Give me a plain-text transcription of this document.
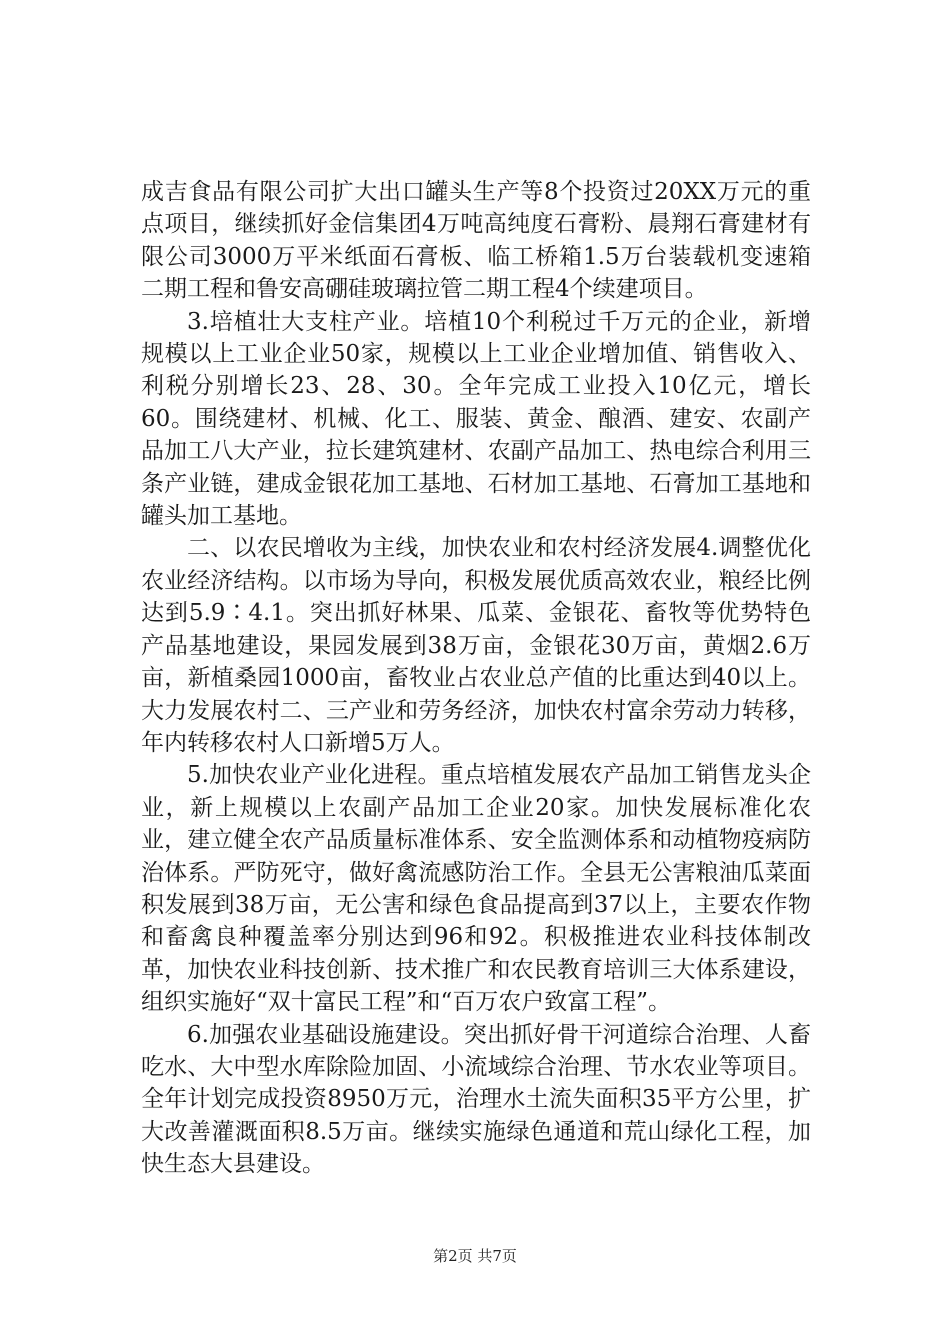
成吉食品有限公司扩大出口罐头生产等8个投资过20XX万元的重点项目，继续抓好金信集团4万吨高纯度石膏粉、晨翔石膏建材有限公司3000万平米纸面石膏板、临工桥箱1.5万台装载机变速箱二期工程和鲁安高硼硅玻璃拉管二期工程4个续建项目。

3.培植壮大支柱产业。培植10个利税过千万元的企业，新增规模以上工业企业50家，规模以上工业企业增加值、销售收入、利税分别增长23、28、30。全年完成工业投入10亿元，增长60。围绕建材、机械、化工、服装、黄金、酿酒、建安、农副产品加工八大产业，拉长建筑建材、农副产品加工、热电综合利用三条产业链，建成金银花加工基地、石材加工基地、石膏加工基地和罐头加工基地。

二、以农民增收为主线，加快农业和农村经济发展4.调整优化农业经济结构。以市场为导向，积极发展优质高效农业，粮经比例达到5.9∶4.1。突出抓好林果、瓜菜、金银花、畜牧等优势特色产品基地建设，果园发展到38万亩，金银花30万亩，黄烟2.6万亩，新植桑园1000亩，畜牧业占农业总产值的比重达到40以上。大力发展农村二、三产业和劳务经济，加快农村富余劳动力转移，年内转移农村人口新增5万人。

5.加快农业产业化进程。重点培植发展农产品加工销售龙头企业，新上规模以上农副产品加工企业20家。加快发展标准化农业，建立健全农产品质量标准体系、安全监测体系和动植物疫病防治体系。严防死守，做好禽流感防治工作。全县无公害粮油瓜菜面积发展到38万亩，无公害和绿色食品提高到37以上，主要农作物和畜禽良种覆盖率分别达到96和92。积极推进农业科技体制改革，加快农业科技创新、技术推广和农民教育培训三大体系建设，组织实施好“双十富民工程”和“百万农户致富工程”。

6.加强农业基础设施建设。突出抓好骨干河道综合治理、人畜吃水、大中型水库除险加固、小流域综合治理、节水农业等项目。全年计划完成投资8950万元，治理水土流失面积35平方公里，扩大改善灌溉面积8.5万亩。继续实施绿色通道和荒山绿化工程，加快生态大县建设。

第2页 共7页
